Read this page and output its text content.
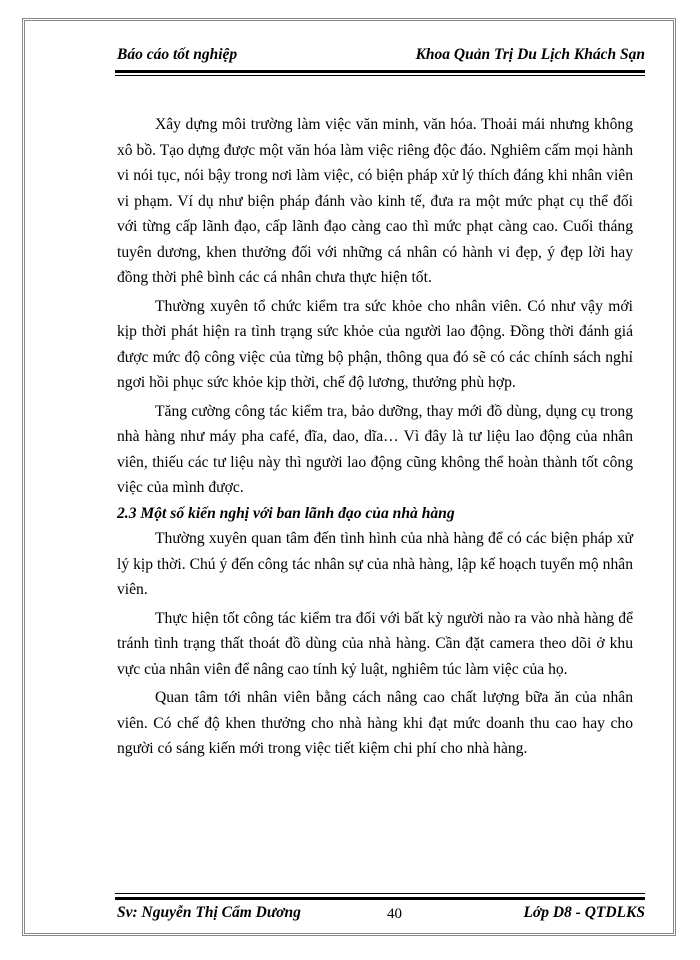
Báo cáo tốt nghiệp	Khoa Quản Trị Du Lịch Khách Sạn

Xây dựng môi trường làm việc văn minh, văn hóa. Thoải mái nhưng không xô bồ. Tạo dựng được một văn hóa làm việc riêng độc đáo. Nghiêm cấm mọi hành vi nói tục, nói bậy trong nơi làm việc, có biện pháp xử lý thích đáng khi nhân viên vi phạm. Ví dụ như biện pháp đánh vào kinh tế, đưa ra một mức phạt cụ thể đối với từng cấp lãnh đạo, cấp lãnh đạo càng cao thì mức phạt càng cao. Cuối tháng tuyên dương, khen thưởng đối với những cá nhân có hành vi đẹp, ý đẹp lời hay đồng thời phê bình các cá nhân chưa thực hiện tốt.

Thường xuyên tổ chức kiểm tra sức khỏe cho nhân viên. Có như vậy mới kịp thời phát hiện ra tình trạng sức khỏe của người lao động. Đồng thời đánh giá được mức độ công việc của từng bộ phận, thông qua đó sẽ có các chính sách nghỉ ngơi hồi phục sức khỏe kịp thời, chế độ lương, thưởng phù hợp.

Tăng cường công tác kiểm tra, bảo dưỡng, thay mới đồ dùng, dụng cụ trong nhà hàng như máy pha café, đĩa, dao, dĩa… Vì đây là tư liệu lao động của nhân viên, thiếu các tư liệu này thì người lao động cũng không thể hoàn thành tốt công việc của mình được.

2.3 Một số kiến nghị với ban lãnh đạo của nhà hàng

Thường xuyên quan tâm đến tình hình của nhà hàng để có các biện pháp xử lý kịp thời. Chú ý đến công tác nhân sự của nhà hàng, lập kế hoạch tuyển mộ nhân viên.

Thực hiện tốt công tác kiểm tra đối với bất kỳ người nào ra vào nhà hàng để tránh tình trạng thất thoát đồ dùng của nhà hàng. Cần đặt camera theo dõi ở khu vực của nhân viên để nâng cao tính kỷ luật, nghiêm túc làm việc của họ.

Quan tâm tới nhân viên bằng cách nâng cao chất lượng bữa ăn của nhân viên. Có chế độ khen thưởng cho nhà hàng khi đạt mức doanh thu cao hay cho người có sáng kiến mới trong việc tiết kiệm chi phí cho nhà hàng.

Sv: Nguyễn Thị Cẩm Dương	40	Lớp D8 - QTDLKS
